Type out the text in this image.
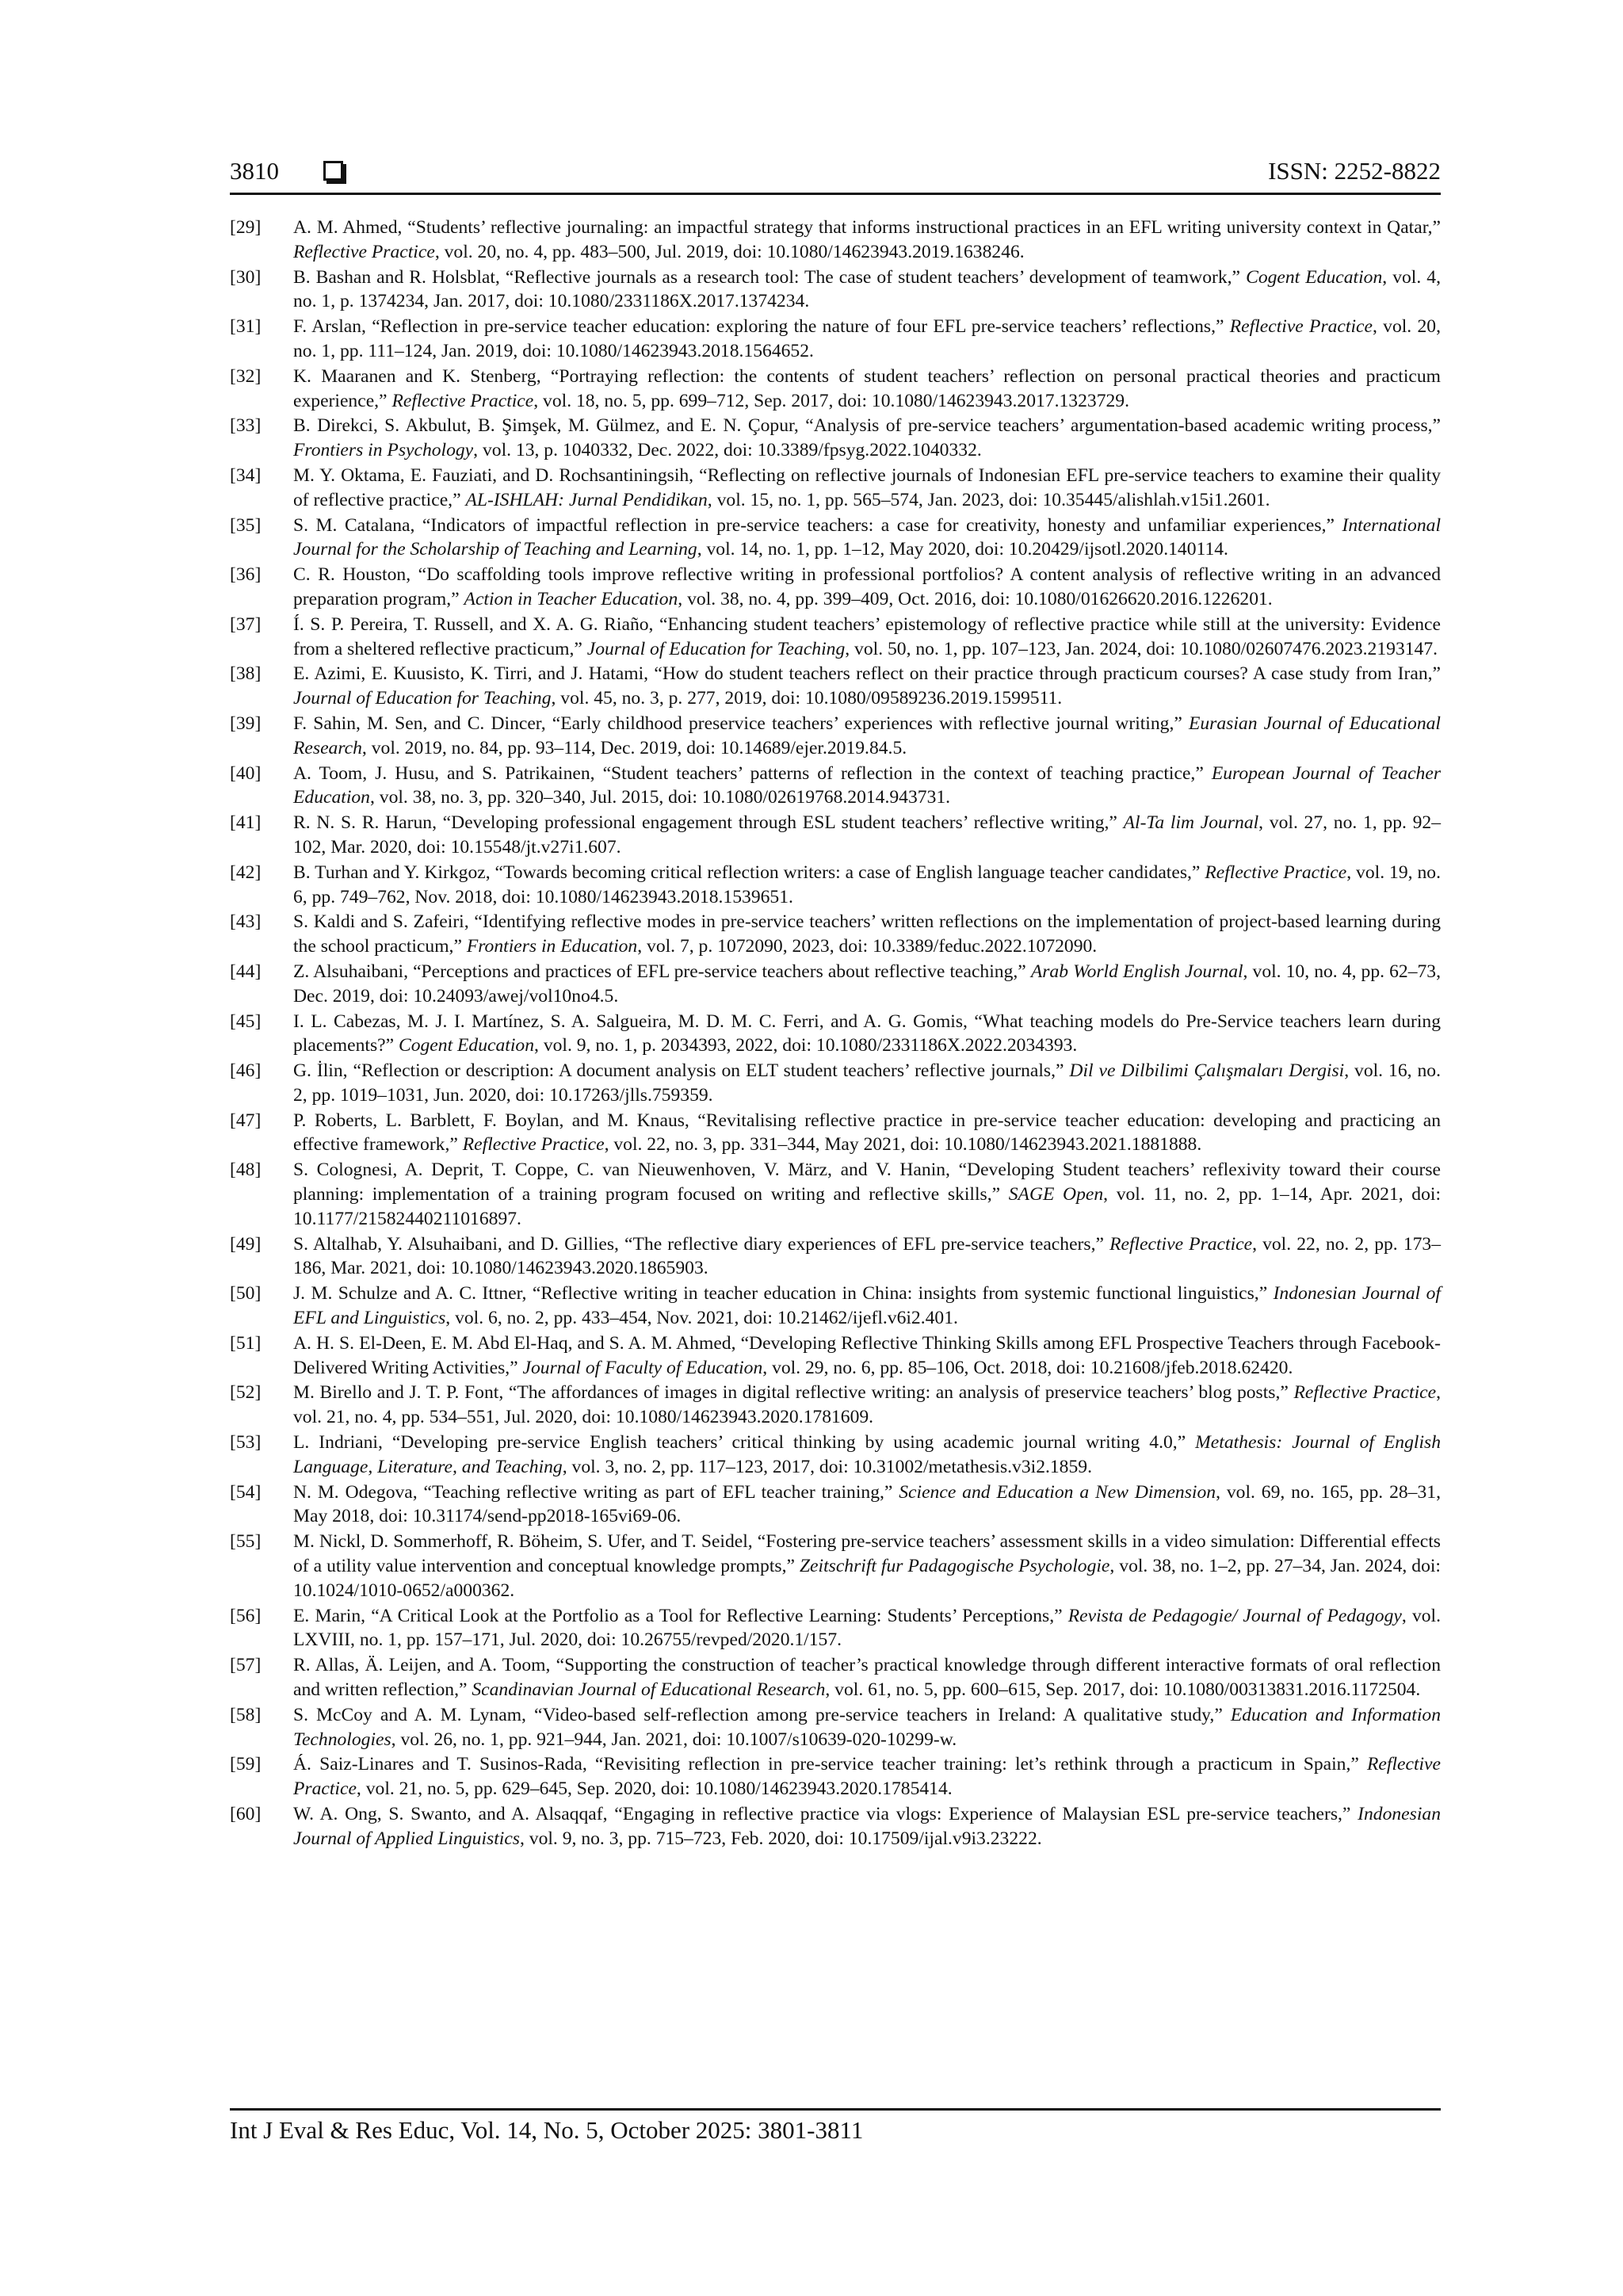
3810	ISSN: 2252-8822
[29]	A. M. Ahmed, “Students’ reflective journaling: an impactful strategy that informs instructional practices in an EFL writing university context in Qatar,” Reflective Practice, vol. 20, no. 4, pp. 483–500, Jul. 2019, doi: 10.1080/14623943.2019.1638246.
[30]	B. Bashan and R. Holsblat, “Reflective journals as a research tool: The case of student teachers’ development of teamwork,” Cogent Education, vol. 4, no. 1, p. 1374234, Jan. 2017, doi: 10.1080/2331186X.2017.1374234.
[31]	F. Arslan, “Reflection in pre-service teacher education: exploring the nature of four EFL pre-service teachers’ reflections,” Reflective Practice, vol. 20, no. 1, pp. 111–124, Jan. 2019, doi: 10.1080/14623943.2018.1564652.
[32]	K. Maaranen and K. Stenberg, “Portraying reflection: the contents of student teachers’ reflection on personal practical theories and practicum experience,” Reflective Practice, vol. 18, no. 5, pp. 699–712, Sep. 2017, doi: 10.1080/14623943.2017.1323729.
[33]	B. Direkci, S. Akbulut, B. Şimşek, M. Gülmez, and E. N. Çopur, “Analysis of pre-service teachers’ argumentation-based academic writing process,” Frontiers in Psychology, vol. 13, p. 1040332, Dec. 2022, doi: 10.3389/fpsyg.2022.1040332.
[34]	M. Y. Oktama, E. Fauziati, and D. Rochsantiningsih, “Reflecting on reflective journals of Indonesian EFL pre-service teachers to examine their quality of reflective practice,” AL-ISHLAH: Jurnal Pendidikan, vol. 15, no. 1, pp. 565–574, Jan. 2023, doi: 10.35445/alishlah.v15i1.2601.
[35]	S. M. Catalana, “Indicators of impactful reflection in pre-service teachers: a case for creativity, honesty and unfamiliar experiences,” International Journal for the Scholarship of Teaching and Learning, vol. 14, no. 1, pp. 1–12, May 2020, doi: 10.20429/ijsotl.2020.140114.
[36]	C. R. Houston, “Do scaffolding tools improve reflective writing in professional portfolios? A content analysis of reflective writing in an advanced preparation program,” Action in Teacher Education, vol. 38, no. 4, pp. 399–409, Oct. 2016, doi: 10.1080/01626620.2016.1226201.
[37]	Í. S. P. Pereira, T. Russell, and X. A. G. Riaño, “Enhancing student teachers’ epistemology of reflective practice while still at the university: Evidence from a sheltered reflective practicum,” Journal of Education for Teaching, vol. 50, no. 1, pp. 107–123, Jan. 2024, doi: 10.1080/02607476.2023.2193147.
[38]	E. Azimi, E. Kuusisto, K. Tirri, and J. Hatami, “How do student teachers reflect on their practice through practicum courses? A case study from Iran,” Journal of Education for Teaching, vol. 45, no. 3, p. 277, 2019, doi: 10.1080/09589236.2019.1599511.
[39]	F. Sahin, M. Sen, and C. Dincer, “Early childhood preservice teachers’ experiences with reflective journal writing,” Eurasian Journal of Educational Research, vol. 2019, no. 84, pp. 93–114, Dec. 2019, doi: 10.14689/ejer.2019.84.5.
[40]	A. Toom, J. Husu, and S. Patrikainen, “Student teachers’ patterns of reflection in the context of teaching practice,” European Journal of Teacher Education, vol. 38, no. 3, pp. 320–340, Jul. 2015, doi: 10.1080/02619768.2014.943731.
[41]	R. N. S. R. Harun, “Developing professional engagement through ESL student teachers’ reflective writing,” Al-Ta lim Journal, vol. 27, no. 1, pp. 92–102, Mar. 2020, doi: 10.15548/jt.v27i1.607.
[42]	B. Turhan and Y. Kirkgoz, “Towards becoming critical reflection writers: a case of English language teacher candidates,” Reflective Practice, vol. 19, no. 6, pp. 749–762, Nov. 2018, doi: 10.1080/14623943.2018.1539651.
[43]	S. Kaldi and S. Zafeiri, “Identifying reflective modes in pre-service teachers’ written reflections on the implementation of project-based learning during the school practicum,” Frontiers in Education, vol. 7, p. 1072090, 2023, doi: 10.3389/feduc.2022.1072090.
[44]	Z. Alsuhaibani, “Perceptions and practices of EFL pre-service teachers about reflective teaching,” Arab World English Journal, vol. 10, no. 4, pp. 62–73, Dec. 2019, doi: 10.24093/awej/vol10no4.5.
[45]	I. L. Cabezas, M. J. I. Martínez, S. A. Salgueira, M. D. M. C. Ferri, and A. G. Gomis, “What teaching models do Pre-Service teachers learn during placements?” Cogent Education, vol. 9, no. 1, p. 2034393, 2022, doi: 10.1080/2331186X.2022.2034393.
[46]	G. İlin, “Reflection or description: A document analysis on ELT student teachers’ reflective journals,” Dil ve Dilbilimi Çalışmaları Dergisi, vol. 16, no. 2, pp. 1019–1031, Jun. 2020, doi: 10.17263/jlls.759359.
[47]	P. Roberts, L. Barblett, F. Boylan, and M. Knaus, “Revitalising reflective practice in pre-service teacher education: developing and practicing an effective framework,” Reflective Practice, vol. 22, no. 3, pp. 331–344, May 2021, doi: 10.1080/14623943.2021.1881888.
[48]	S. Colognesi, A. Deprit, T. Coppe, C. van Nieuwenhoven, V. März, and V. Hanin, “Developing Student teachers’ reflexivity toward their course planning: implementation of a training program focused on writing and reflective skills,” SAGE Open, vol. 11, no. 2, pp. 1–14, Apr. 2021, doi: 10.1177/21582440211016897.
[49]	S. Altalhab, Y. Alsuhaibani, and D. Gillies, “The reflective diary experiences of EFL pre-service teachers,” Reflective Practice, vol. 22, no. 2, pp. 173–186, Mar. 2021, doi: 10.1080/14623943.2020.1865903.
[50]	J. M. Schulze and A. C. Ittner, “Reflective writing in teacher education in China: insights from systemic functional linguistics,” Indonesian Journal of EFL and Linguistics, vol. 6, no. 2, pp. 433–454, Nov. 2021, doi: 10.21462/ijefl.v6i2.401.
[51]	A. H. S. El-Deen, E. M. Abd El-Haq, and S. A. M. Ahmed, “Developing Reflective Thinking Skills among EFL Prospective Teachers through Facebook-Delivered Writing Activities,” Journal of Faculty of Education, vol. 29, no. 6, pp. 85–106, Oct. 2018, doi: 10.21608/jfeb.2018.62420.
[52]	M. Birello and J. T. P. Font, “The affordances of images in digital reflective writing: an analysis of preservice teachers’ blog posts,” Reflective Practice, vol. 21, no. 4, pp. 534–551, Jul. 2020, doi: 10.1080/14623943.2020.1781609.
[53]	L. Indriani, “Developing pre-service English teachers’ critical thinking by using academic journal writing 4.0,” Metathesis: Journal of English Language, Literature, and Teaching, vol. 3, no. 2, pp. 117–123, 2017, doi: 10.31002/metathesis.v3i2.1859.
[54]	N. M. Odegova, “Teaching reflective writing as part of EFL teacher training,” Science and Education a New Dimension, vol. 69, no. 165, pp. 28–31, May 2018, doi: 10.31174/send-pp2018-165vi69-06.
[55]	M. Nickl, D. Sommerhoff, R. Böheim, S. Ufer, and T. Seidel, “Fostering pre-service teachers’ assessment skills in a video simulation: Differential effects of a utility value intervention and conceptual knowledge prompts,” Zeitschrift fur Padagogische Psychologie, vol. 38, no. 1–2, pp. 27–34, Jan. 2024, doi: 10.1024/1010-0652/a000362.
[56]	E. Marin, “A Critical Look at the Portfolio as a Tool for Reflective Learning: Students’ Perceptions,” Revista de Pedagogie/ Journal of Pedagogy, vol. LXVIII, no. 1, pp. 157–171, Jul. 2020, doi: 10.26755/revped/2020.1/157.
[57]	R. Allas, Ä. Leijen, and A. Toom, “Supporting the construction of teacher’s practical knowledge through different interactive formats of oral reflection and written reflection,” Scandinavian Journal of Educational Research, vol. 61, no. 5, pp. 600–615, Sep. 2017, doi: 10.1080/00313831.2016.1172504.
[58]	S. McCoy and A. M. Lynam, “Video-based self-reflection among pre-service teachers in Ireland: A qualitative study,” Education and Information Technologies, vol. 26, no. 1, pp. 921–944, Jan. 2021, doi: 10.1007/s10639-020-10299-w.
[59]	Á. Saiz-Linares and T. Susinos-Rada, “Revisiting reflection in pre-service teacher training: let’s rethink through a practicum in Spain,” Reflective Practice, vol. 21, no. 5, pp. 629–645, Sep. 2020, doi: 10.1080/14623943.2020.1785414.
[60]	W. A. Ong, S. Swanto, and A. Alsaqqaf, “Engaging in reflective practice via vlogs: Experience of Malaysian ESL pre-service teachers,” Indonesian Journal of Applied Linguistics, vol. 9, no. 3, pp. 715–723, Feb. 2020, doi: 10.17509/ijal.v9i3.23222.
Int J Eval & Res Educ, Vol. 14, No. 5, October 2025: 3801-3811
